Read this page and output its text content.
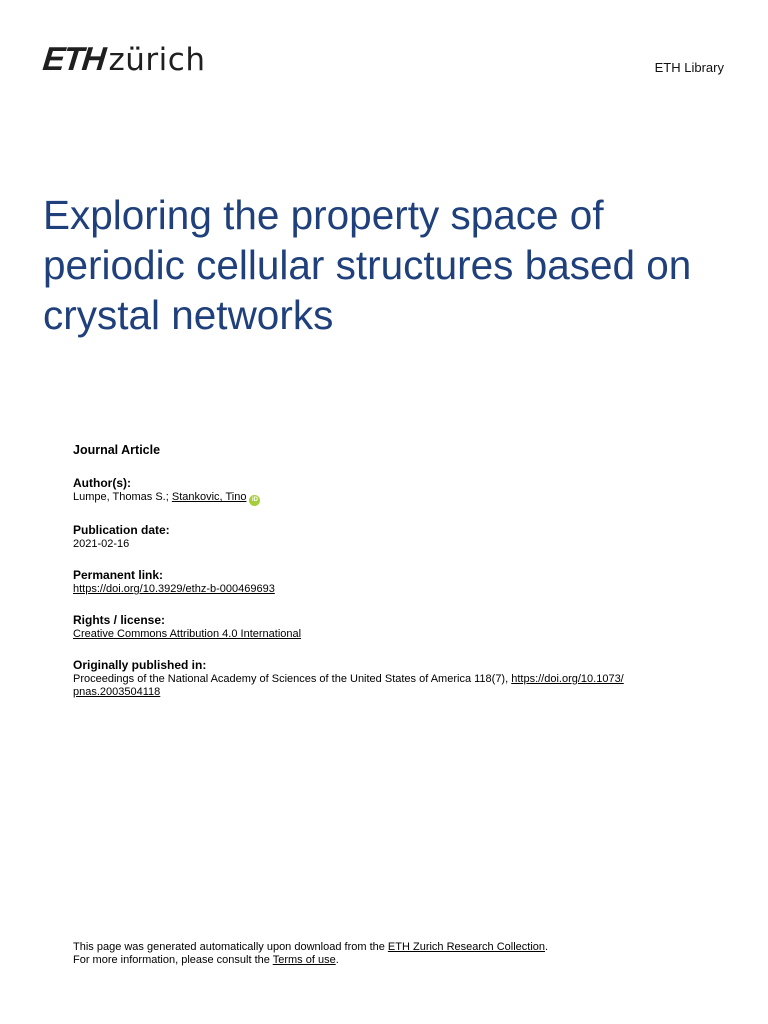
ETH zürich	ETH Library
Exploring the property space of periodic cellular structures based on crystal networks
Journal Article
Author(s):
Lumpe, Thomas S.; Stankovic, Tino iD
Publication date:
2021-02-16
Permanent link:
https://doi.org/10.3929/ethz-b-000469693
Rights / license:
Creative Commons Attribution 4.0 International
Originally published in:
Proceedings of the National Academy of Sciences of the United States of America 118(7), https://doi.org/10.1073/
pnas.2003504118
This page was generated automatically upon download from the ETH Zurich Research Collection.
For more information, please consult the Terms of use.
